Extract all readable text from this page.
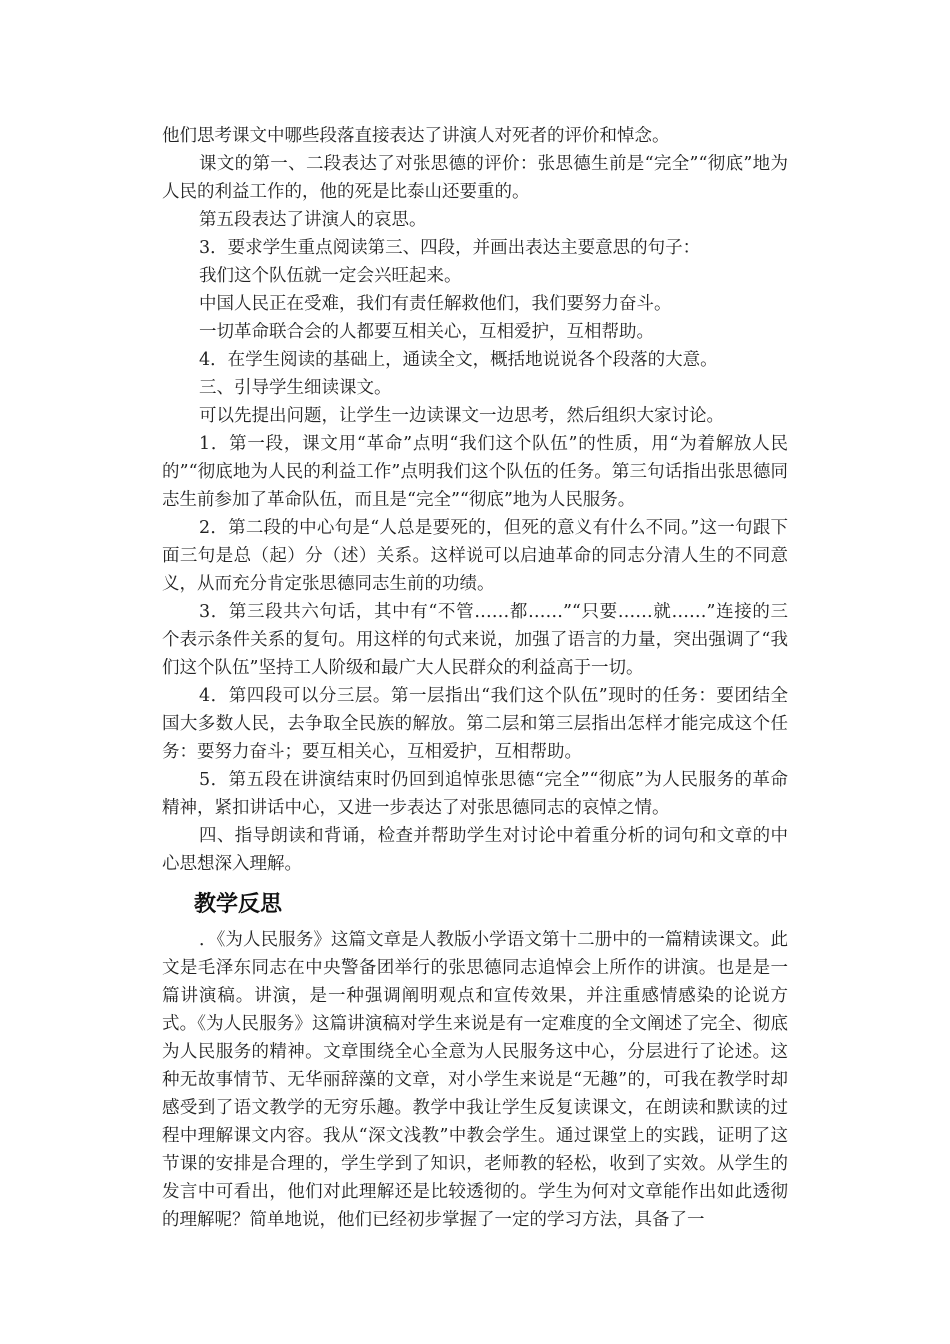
他们思考课文中哪些段落直接表达了讲演人对死者的评价和悼念。

课文的第一、二段表达了对张思德的评价：张思德生前是“完全”“彻底”地为人民的利益工作的，他的死是比泰山还要重的。

第五段表达了讲演人的哀思。

3．要求学生重点阅读第三、四段，并画出表达主要意思的句子：

我们这个队伍就一定会兴旺起来。

中国人民正在受难，我们有责任解救他们，我们要努力奋斗。

一切革命联合会的人都要互相关心，互相爱护，互相帮助。

4．在学生阅读的基础上，通读全文，概括地说说各个段落的大意。

三、引导学生细读课文。

可以先提出问题，让学生一边读课文一边思考，然后组织大家讨论。

1．第一段，课文用“革命”点明“我们这个队伍”的性质，用“为着解放人民的”“彻底地为人民的利益工作”点明我们这个队伍的任务。第三句话指出张思德同志生前参加了革命队伍，而且是“完全”“彻底”地为人民服务。

2．第二段的中心句是“人总是要死的，但死的意义有什么不同。”这一句跟下面三句是总（起）分（述）关系。这样说可以启迪革命的同志分清人生的不同意义，从而充分肯定张思德同志生前的功绩。

3．第三段共六句话，其中有“不管……都……”“只要……就……”连接的三个表示条件关系的复句。用这样的句式来说，加强了语言的力量，突出强调了“我们这个队伍”坚持工人阶级和最广大人民群众的利益高于一切。

4．第四段可以分三层。第一层指出“我们这个队伍”现时的任务：要团结全国大多数人民，去争取全民族的解放。第二层和第三层指出怎样才能完成这个任务：要努力奋斗；要互相关心，互相爱护，互相帮助。

5．第五段在讲演结束时仍回到追悼张思德“完全”“彻底”为人民服务的革命精神，紧扣讲话中心，又进一步表达了对张思德同志的哀悼之情。

四、指导朗读和背诵，检查并帮助学生对讨论中着重分析的词句和文章的中心思想深入理解。

教学反思

．《为人民服务》这篇文章是人教版小学语文第十二册中的一篇精读课文。此文是毛泽东同志在中央警备团举行的张思德同志追悼会上所作的讲演。也是是一篇讲演稿。讲演，是一种强调阐明观点和宣传效果，并注重感情感染的论说方式。《为人民服务》这篇讲演稿对学生来说是有一定难度的全文阐述了完全、彻底为人民服务的精神。文章围绕全心全意为人民服务这中心，分层进行了论述。这种无故事情节、无华丽辞藻的文章，对小学生来说是“无趣”的，可我在教学时却感受到了语文教学的无穷乐趣。教学中我让学生反复读课文，在朗读和默读的过程中理解课文内容。我从“深文浅教”中教会学生。通过课堂上的实践，证明了这节课的安排是合理的，学生学到了知识，老师教的轻松，收到了实效。从学生的发言中可看出，他们对此理解还是比较透彻的。学生为何对文章能作出如此透彻的理解呢？简单地说，他们已经初步掌握了一定的学习方法，具备了一
